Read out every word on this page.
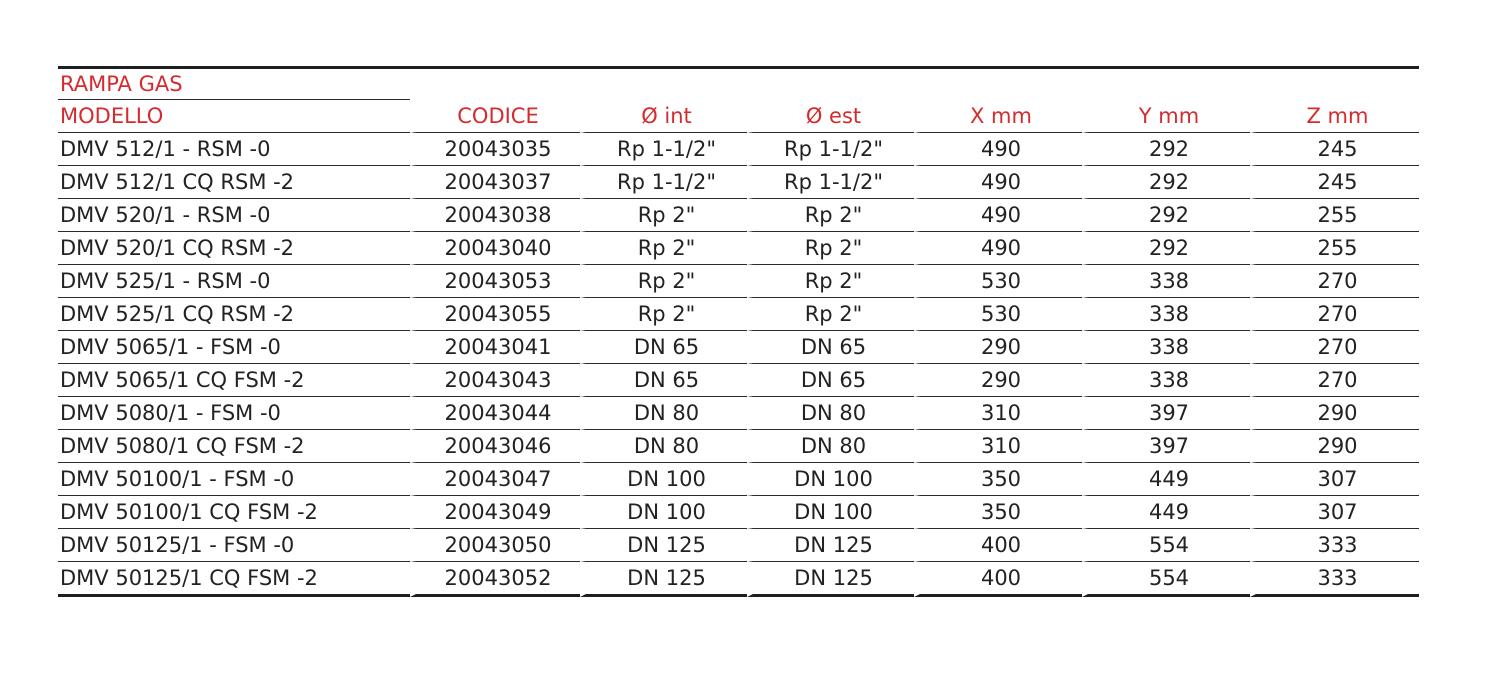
RAMPA GAS						
MODELLO	CODICE	Ø int	Ø est	X mm	Y mm	Z mm
DMV 512/1 - RSM -0	20043035	Rp 1-1/2"	Rp 1-1/2"	490	292	245
DMV 512/1 CQ RSM -2	20043037	Rp 1-1/2"	Rp 1-1/2"	490	292	245
DMV 520/1 - RSM -0	20043038	Rp 2"	Rp 2"	490	292	255
DMV 520/1 CQ RSM -2	20043040	Rp 2"	Rp 2"	490	292	255
DMV 525/1 - RSM -0	20043053	Rp 2"	Rp 2"	530	338	270
DMV 525/1 CQ RSM -2	20043055	Rp 2"	Rp 2"	530	338	270
DMV 5065/1 - FSM -0	20043041	DN 65	DN 65	290	338	270
DMV 5065/1 CQ FSM -2	20043043	DN 65	DN 65	290	338	270
DMV 5080/1 - FSM -0	20043044	DN 80	DN 80	310	397	290
DMV 5080/1 CQ FSM -2	20043046	DN 80	DN 80	310	397	290
DMV 50100/1 - FSM -0	20043047	DN 100	DN 100	350	449	307
DMV 50100/1 CQ FSM -2	20043049	DN 100	DN 100	350	449	307
DMV 50125/1 - FSM -0	20043050	DN 125	DN 125	400	554	333
DMV 50125/1 CQ FSM -2	20043052	DN 125	DN 125	400	554	333
